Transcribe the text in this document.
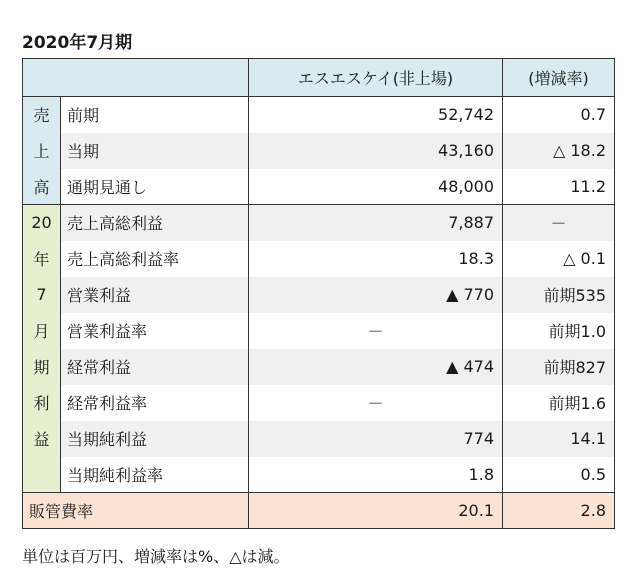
2020年7月期
		エスエスケイ(非上場)	(増減率)
売	前期	52,742	0.7
上	当期	43,160	△ 18.2
高	通期見通し	48,000	11.2
20	売上高総利益	7,887	－
年	売上高総利益率	18.3	△ 0.1
7	営業利益	▲ 770	前期535
月	営業利益率	－	前期1.0
期	経常利益	▲ 474	前期827
利	経常利益率	－	前期1.6
益	当期純利益	774	14.1
	当期純利益率	1.8	0.5
販管費率		20.1	2.8
単位は百万円、増減率は%、△は減。
